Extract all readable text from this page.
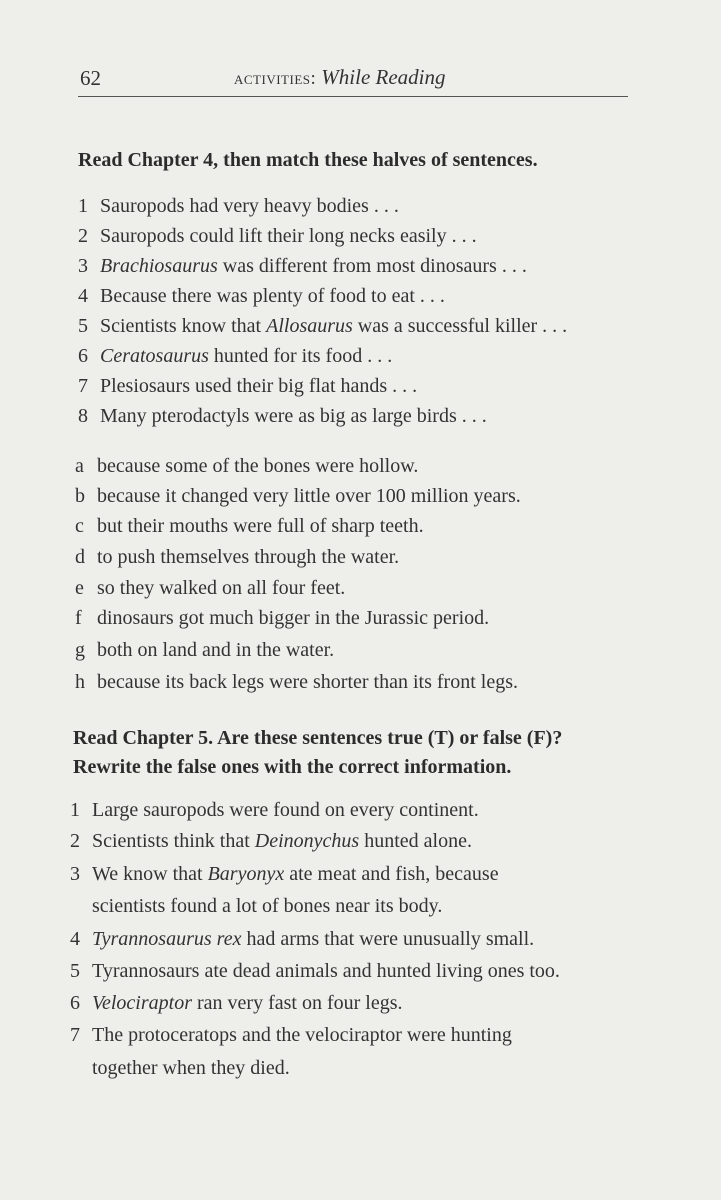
62	activities: While Reading
Read Chapter 4, then match these halves of sentences.
1 Sauropods had very heavy bodies . . .
2 Sauropods could lift their long necks easily . . .
3 Brachiosaurus was different from most dinosaurs . . .
4 Because there was plenty of food to eat . . .
5 Scientists know that Allosaurus was a successful killer . . .
6 Ceratosaurus hunted for its food . . .
7 Plesiosaurs used their big flat hands . . .
8 Many pterodactyls were as big as large birds . . .
a because some of the bones were hollow.
b because it changed very little over 100 million years.
c but their mouths were full of sharp teeth.
d to push themselves through the water.
e so they walked on all four feet.
f dinosaurs got much bigger in the Jurassic period.
g both on land and in the water.
h because its back legs were shorter than its front legs.
Read Chapter 5. Are these sentences true (T) or false (F)?
Rewrite the false ones with the correct information.
1 Large sauropods were found on every continent.
2 Scientists think that Deinonychus hunted alone.
3 We know that Baryonyx ate meat and fish, because
scientists found a lot of bones near its body.
4 Tyrannosaurus rex had arms that were unusually small.
5 Tyrannosaurs ate dead animals and hunted living ones too.
6 Velociraptor ran very fast on four legs.
7 The protoceratops and the velociraptor were hunting
together when they died.
